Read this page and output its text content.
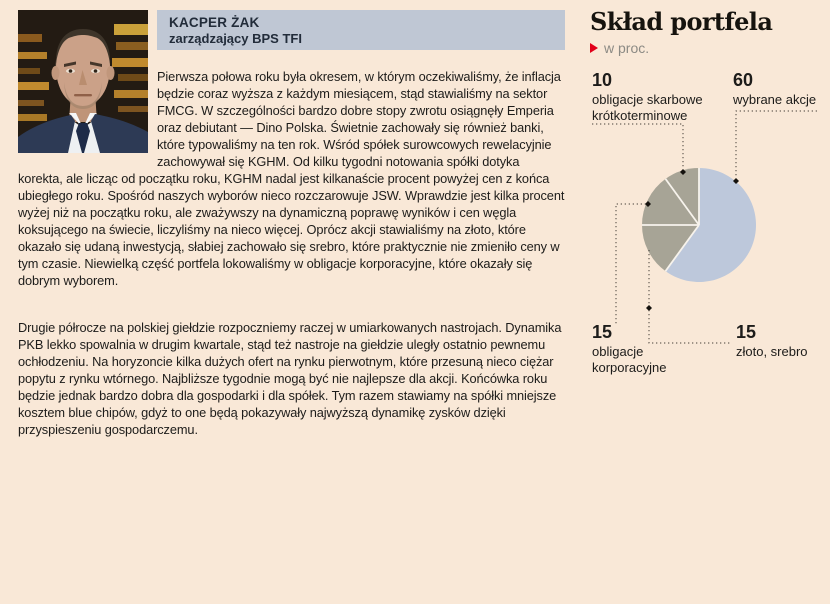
KACPER ŻAK
zarządzający BPS TFI

Pierwsza połowa roku była okresem, w którym oczekiwaliśmy, że inflacja będzie coraz wyższa z każdym miesiącem, stąd stawialiśmy na sektor FMCG. W szczególności bardzo dobre stopy zwrotu osiągnęły Emperia oraz debiutant — Dino Polska. Świetnie zachowały się również banki, które typowaliśmy na ten rok. Wśród spółek surowcowych rewelacyjnie zachowywał się KGHM. Od kilku tygodni notowania spółki dotyka korekta, ale licząc od początku roku, KGHM nadal jest kilkanaście procent powyżej cen z końca ubiegłego roku. Spośród naszych wyborów nieco rozczarowuje JSW. Wprawdzie jest kilka procent wyżej niż na początku roku, ale zważywszy na dynamiczną poprawę wyników i cen węgla koksującego na świecie, liczyliśmy na nieco więcej. Oprócz akcji stawialiśmy na złoto, które okazało się udaną inwestycją, słabiej zachowało się srebro, które praktycznie nie zmieniło ceny w tym czasie. Niewielką część portfela lokowaliśmy w obligacje korporacyjne, które okazały się dobrym wyborem.

Drugie półrocze na polskiej giełdzie rozpoczniemy raczej w umiarkowanych nastrojach. Dynamika PKB lekko spowalnia w drugim kwartale, stąd też nastroje na giełdzie uległy ostatnio pewnemu ochłodzeniu. Na horyzoncie kilka dużych ofert na rynku pierwotnym, które przesuną nieco ciężar popytu z rynku wtórnego. Najbliższe tygodnie mogą być nie najlepsze dla akcji. Końcówka roku będzie jednak bardzo dobra dla gospodarki i dla spółek. Tym razem stawiamy na spółki mniejsze kosztem blue chipów, gdyż to one będą pokazywały najwyższą dynamikę zysków dzięki przyspieszeniu gospodarczemu.

Skład portfela
w proc.
10
obligacje skarbowe
krótkoterminowe
60
wybrane akcje
15
obligacje
korporacyjne
15
złoto, srebro
